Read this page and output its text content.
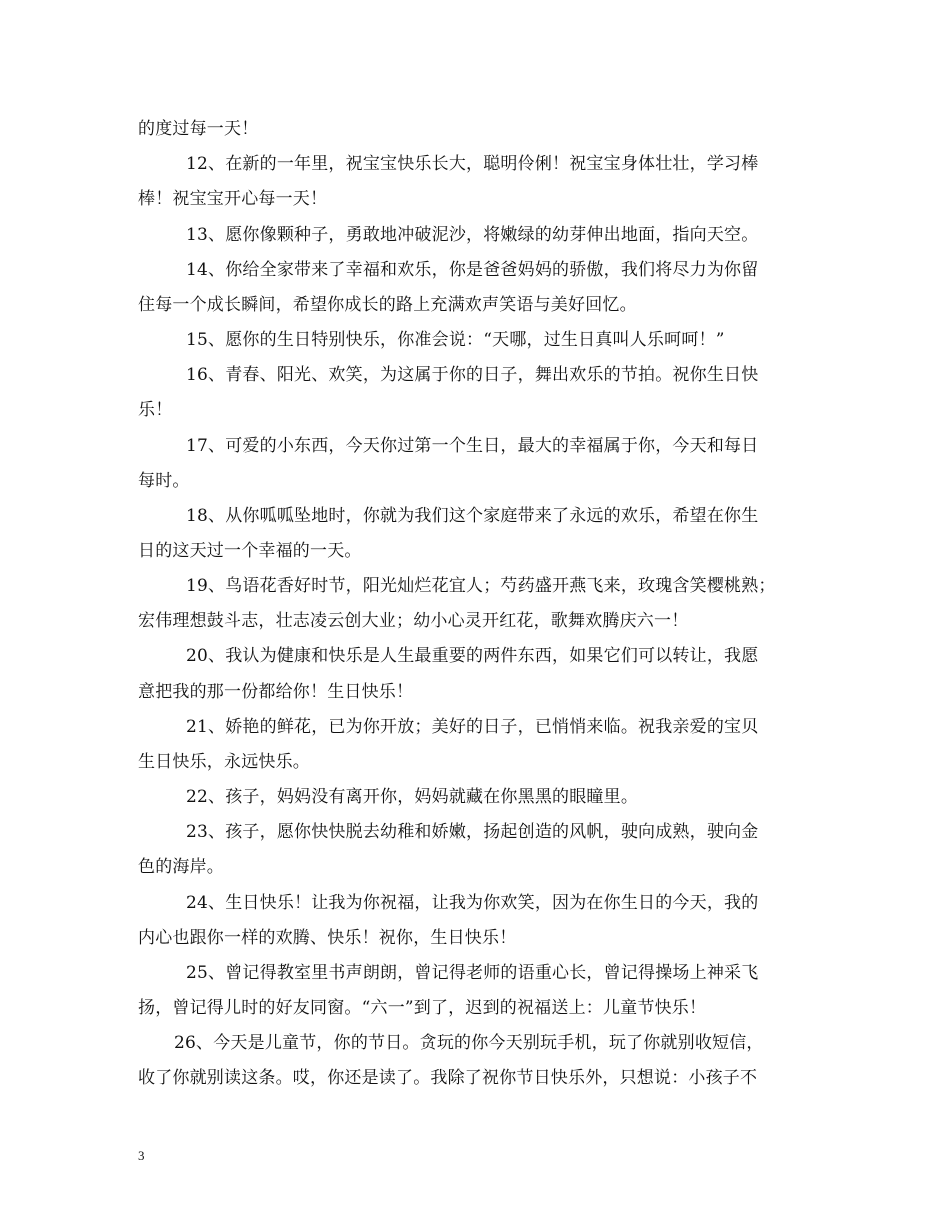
的度过每一天！
12、在新的一年里，祝宝宝快乐长大，聪明伶俐！祝宝宝身体壮壮，学习棒
棒！祝宝宝开心每一天！
13、愿你像颗种子，勇敢地冲破泥沙，将嫩绿的幼芽伸出地面，指向天空。
14、你给全家带来了幸福和欢乐，你是爸爸妈妈的骄傲，我们将尽力为你留
住每一个成长瞬间，希望你成长的路上充满欢声笑语与美好回忆。
15、愿你的生日特别快乐，你准会说：“天哪，过生日真叫人乐呵呵！”
16、青春、阳光、欢笑，为这属于你的日子，舞出欢乐的节拍。祝你生日快
乐！
17、可爱的小东西，今天你过第一个生日，最大的幸福属于你，今天和每日
每时。
18、从你呱呱坠地时，你就为我们这个家庭带来了永远的欢乐，希望在你生
日的这天过一个幸福的一天。
19、鸟语花香好时节，阳光灿烂花宜人；芍药盛开燕飞来，玫瑰含笑樱桃熟；
宏伟理想鼓斗志，壮志凌云创大业；幼小心灵开红花，歌舞欢腾庆六一！
20、我认为健康和快乐是人生最重要的两件东西，如果它们可以转让，我愿
意把我的那一份都给你！生日快乐！
21、娇艳的鲜花，已为你开放；美好的日子，已悄悄来临。祝我亲爱的宝贝
生日快乐，永远快乐。
22、孩子，妈妈没有离开你，妈妈就藏在你黑黑的眼瞳里。
23、孩子，愿你快快脱去幼稚和娇嫩，扬起创造的风帆，驶向成熟，驶向金
色的海岸。
24、生日快乐！让我为你祝福，让我为你欢笑，因为在你生日的今天，我的
内心也跟你一样的欢腾、快乐！祝你，生日快乐！
25、曾记得教室里书声朗朗，曾记得老师的语重心长，曾记得操场上神采飞
扬，曾记得儿时的好友同窗。“六一”到了，迟到的祝福送上：儿童节快乐！
26、今天是儿童节，你的节日。贪玩的你今天别玩手机，玩了你就别收短信，
收了你就别读这条。哎，你还是读了。我除了祝你节日快乐外，只想说：小孩子不
3
